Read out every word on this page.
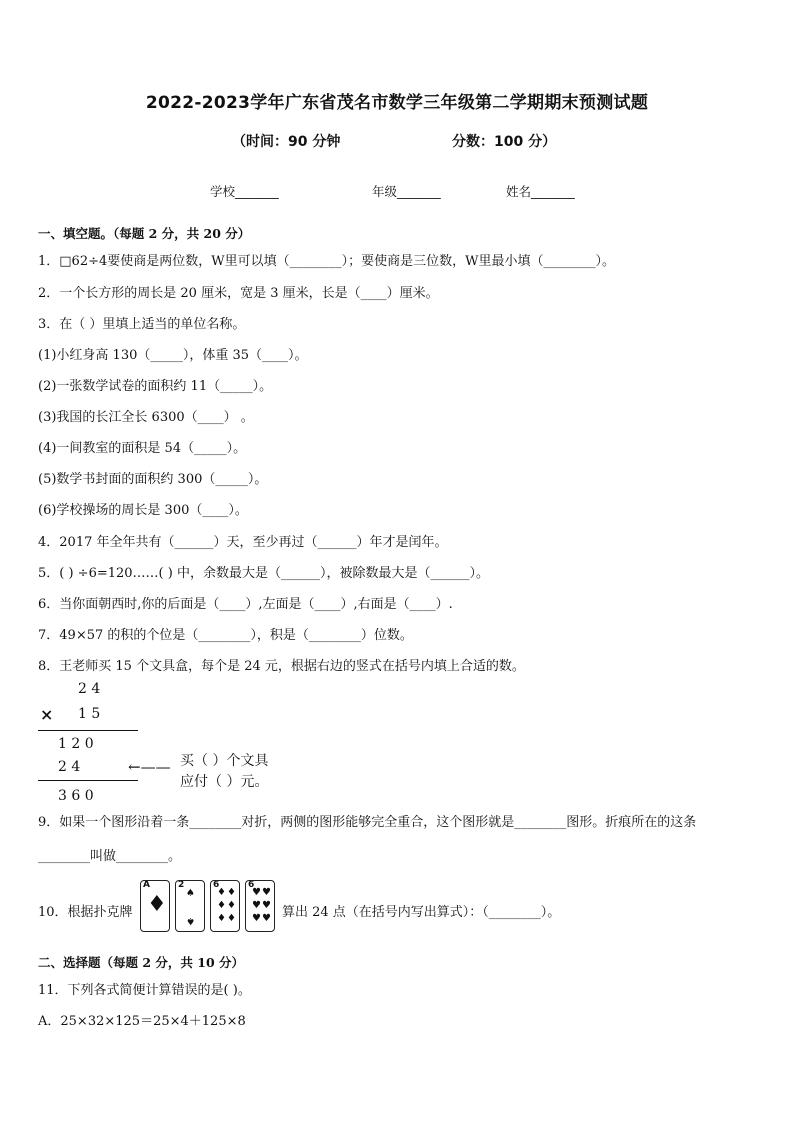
2022-2023学年广东省茂名市数学三年级第二学期期末预测试题
（时间：90 分钟	分数：100 分）
学校_______	年级_______	姓名_______
一、填空题。（每题 2 分，共 20 分）
1．□62÷4要使商是两位数，W里可以填（________）；要使商是三位数，W里最小填（________）。
2．一个长方形的周长是 20 厘米，宽是 3 厘米，长是（____）厘米。
3．在（ ）里填上适当的单位名称。
(1)小红身高 130（_____），体重 35（____）。
(2)一张数学试卷的面积约 11（_____）。
(3)我国的长江全长 6300（____） 。
(4)一间教室的面积是 54（_____）。
(5)数学书封面的面积约 300（_____）。
(6)学校操场的周长是 300（____）。
4．2017 年全年共有（______）天，至少再过（______）年才是闰年。
5．( ) ÷6=120……( ) 中，余数最大是（______），被除数最大是（______）。
6．当你面朝西时,你的后面是（____）,左面是（____）,右面是（____）.
7．49×57 的积的个位是（________），积是（________）位数。
8．王老师买 15 个文具盒，每个是 24 元，根据右边的竖式在括号内填上合适的数。
2 4
× 1 5
1 2 0
2 4
3 6 0
←—— 买（ ）个文具
应付（ ）元。
9．如果一个图形沿着一条________对折，两侧的图形能够完全重合，这个图形就是________图形。折痕所在的这条
________叫做________。
10．根据扑克牌
A
♦
2
♠
♠
6
♦ ♦
♦ ♦
♦ ♦
6
♥ ♥
♥ ♥
♥ ♥ 算出 24 点（在括号内写出算式）：（________）。
二、选择题（每题 2 分，共 10 分）
11．下列各式简便计算错误的是( )。
A．25×32×125＝25×4＋125×8
